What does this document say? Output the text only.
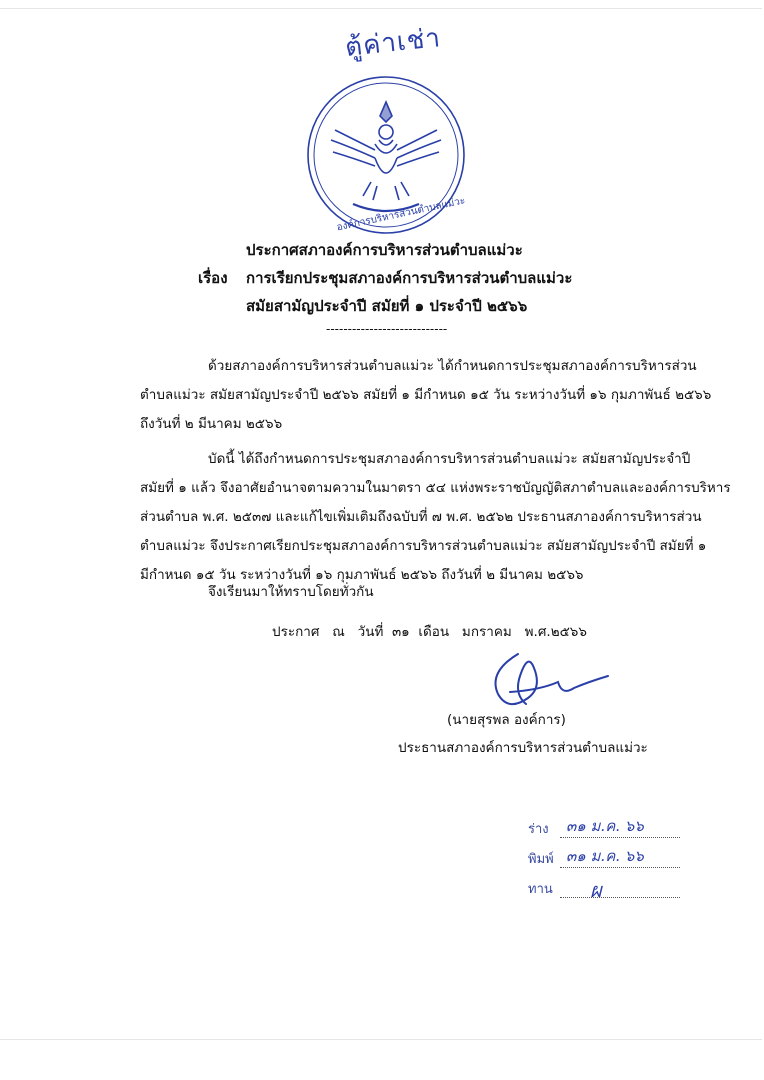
ตู้ค่าเช่า
องค์การบริหารส่วนตำบลแม่วะ
ประกาศสภาองค์การบริหารส่วนตำบลแม่วะ
เรื่อง การเรียกประชุมสภาองค์การบริหารส่วนตำบลแม่วะ
สมัยสามัญประจำปี สมัยที่ ๑ ประจำปี ๒๕๖๖
----------------------------
ด้วยสภาองค์การบริหารส่วนตำบลแม่วะ ได้กำหนดการประชุมสภาองค์การบริหารส่วน
ตำบลแม่วะ สมัยสามัญประจำปี ๒๕๖๖ สมัยที่ ๑ มีกำหนด ๑๕ วัน ระหว่างวันที่ ๑๖ กุมภาพันธ์ ๒๕๖๖
ถึงวันที่ ๒ มีนาคม ๒๕๖๖
บัดนี้ ได้ถึงกำหนดการประชุมสภาองค์การบริหารส่วนตำบลแม่วะ สมัยสามัญประจำปี
สมัยที่ ๑ แล้ว จึงอาศัยอำนาจตามความในมาตรา ๕๔ แห่งพระราชบัญญัติสภาตำบลและองค์การบริหาร
ส่วนตำบล พ.ศ. ๒๕๓๗ และแก้ไขเพิ่มเติมถึงฉบับที่ ๗ พ.ศ. ๒๕๖๒ ประธานสภาองค์การบริหารส่วน
ตำบลแม่วะ จึงประกาศเรียกประชุมสภาองค์การบริหารส่วนตำบลแม่วะ สมัยสามัญประจำปี สมัยที่ ๑
มีกำหนด ๑๕ วัน ระหว่างวันที่ ๑๖ กุมภาพันธ์ ๒๕๖๖ ถึงวันที่ ๒ มีนาคม ๒๕๖๖
จึงเรียนมาให้ทราบโดยทั่วกัน
ประกาศ   ณ   วันที่  ๓๑  เดือน   มกราคม   พ.ศ.๒๕๖๖
(นายสุรพล องค์การ)
ประธานสภาองค์การบริหารส่วนตำบลแม่วะ
ร่าง ๓๑ ม.ค. ๖๖
พิมพ์ ๓๑ ม.ค. ๖๖
ทาน ผ
